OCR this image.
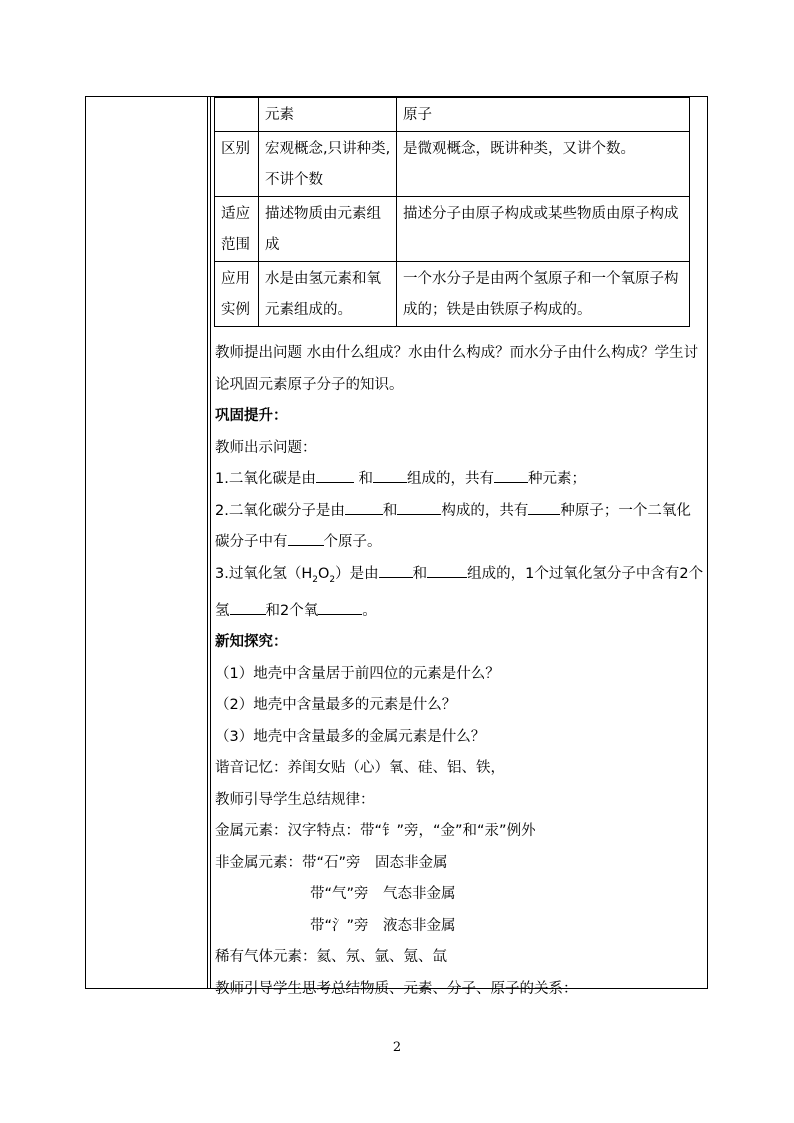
	元素	原子
区别	宏观概念,只讲种类,不讲个数	是微观概念，既讲种类，又讲个数。
适应范围	描述物质由元素组成	描述分子由原子构成或某些物质由原子构成
应用实例	水是由氢元素和氧元素组成的。	一个水分子是由两个氢原子和一个氧原子构成的；铁是由铁原子构成的。

教师提出问题 水由什么组成？水由什么构成？而水分子由什么构成？学生讨论巩固元素原子分子的知识。

巩固提升：

教师出示问题：

1.二氧化碳是由	和 组成的，共有 种元素；

2.二氧化碳分子是由	和	构成的，共有 种原子；一个二氧化碳分子中有 个原子。

3.过氧化氢$(H_2O_2)$是由 和	组成的，1个过氧化氢分子中含有2个氢 和2个氧	。

新知探究：

（1）地壳中含量居于前四位的元素是什么？

（2）地壳中含量最多的元素是什么？

（3）地壳中含量最多的金属元素是什么？

谐音记忆：养闺女贴（心）氧、硅、铝、铁，

教师引导学生总结规律：

金属元素：汉字特点：带“钅”旁，“金”和“汞”例外

非金属元素：带“石”旁　固态非金属

带“气”旁　气态非金属

带“氵”旁　液态非金属

稀有气体元素：氦、氖、氩、氪、氙

教师引导学生思考总结物质、元素、分子、原子的关系：

2
